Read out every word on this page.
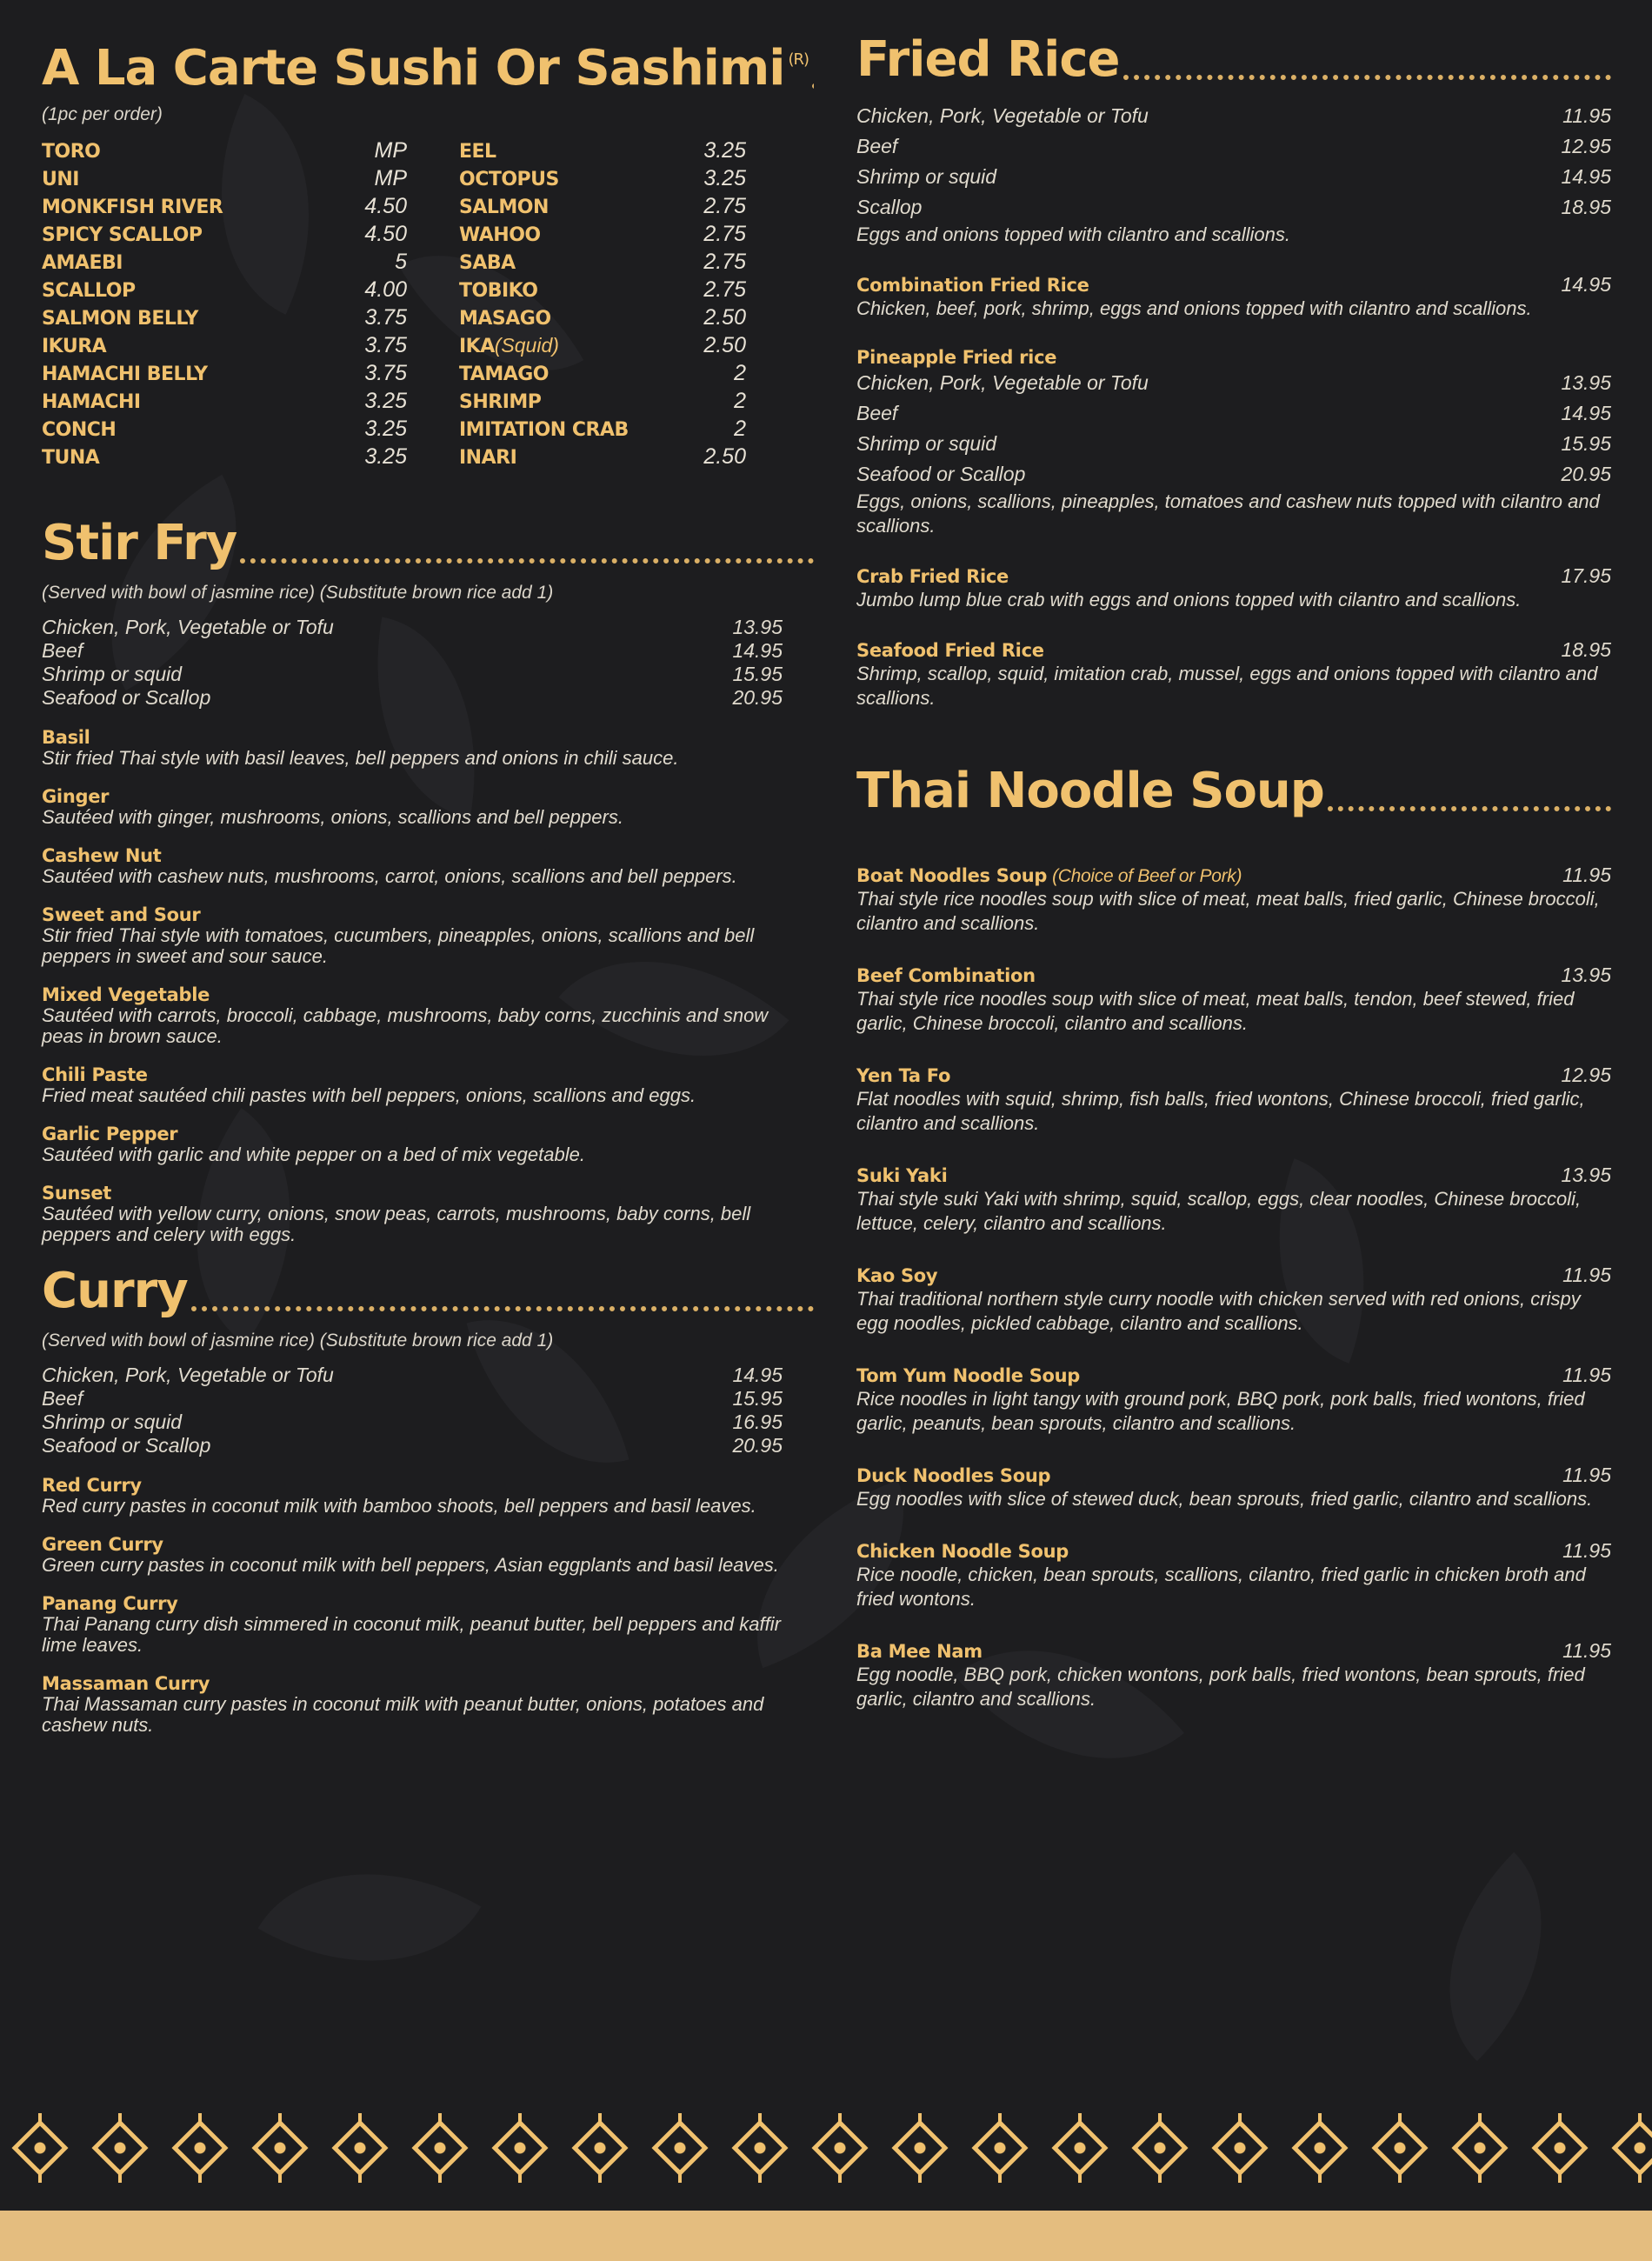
A La Carte Sushi Or Sashimi (R)
(1pc per order)
TORO	MP
UNI	MP
MONKFISH RIVER	4.50
SPICY SCALLOP	4.50
AMAEBI	5
SCALLOP	4.00
SALMON BELLY	3.75
IKURA	3.75
HAMACHI BELLY	3.75
HAMACHI	3.25
CONCH	3.25
TUNA	3.25
EEL	3.25
OCTOPUS	3.25
SALMON	2.75
WAHOO	2.75
SABA	2.75
TOBIKO	2.75
MASAGO	2.50
IKA(Squid)	2.50
TAMAGO	2
SHRIMP	2
IMITATION CRAB	2
INARI	2.50
Stir Fry
(Served with bowl of jasmine rice) (Substitute brown rice add 1)
Chicken, Pork, Vegetable or Tofu	13.95
Beef	14.95
Shrimp or squid	15.95
Seafood or Scallop	20.95
Basil
Stir fried Thai style with basil leaves, bell peppers and onions in chili sauce.
Ginger
Sautéed with ginger, mushrooms, onions, scallions and bell peppers.
Cashew Nut
Sautéed with cashew nuts, mushrooms, carrot, onions, scallions and bell peppers.
Sweet and Sour
Stir fried Thai style with tomatoes, cucumbers, pineapples, onions, scallions and bell peppers in sweet and sour sauce.
Mixed Vegetable
Sautéed with carrots, broccoli, cabbage, mushrooms, baby corns, zucchinis and snow peas in brown sauce.
Chili Paste
Fried meat sautéed chili pastes with bell peppers, onions, scallions and eggs.
Garlic Pepper
Sautéed with garlic and white pepper on a bed of mix vegetable.
Sunset
Sautéed with yellow curry, onions, snow peas, carrots, mushrooms, baby corns, bell peppers and celery with eggs.
Curry
(Served with bowl of jasmine rice) (Substitute brown rice add 1)
Chicken, Pork, Vegetable or Tofu	14.95
Beef	15.95
Shrimp or squid	16.95
Seafood or Scallop	20.95
Red Curry
Red curry pastes in coconut milk with bamboo shoots, bell peppers and basil leaves.
Green Curry
Green curry pastes in coconut milk with bell peppers, Asian eggplants and basil leaves.
Panang Curry
Thai Panang curry dish simmered in coconut milk, peanut butter, bell peppers and kaffir lime leaves.
Massaman Curry
Thai Massaman curry pastes in coconut milk with peanut butter, onions, potatoes and cashew nuts.
Fried Rice
Chicken, Pork, Vegetable or Tofu	11.95
Beef	12.95
Shrimp or squid	14.95
Scallop	18.95
Eggs and onions topped with cilantro and scallions.
Combination Fried Rice	14.95
Chicken, beef, pork, shrimp, eggs and onions topped with cilantro and scallions.
Pineapple Fried rice
Chicken, Pork, Vegetable or Tofu	13.95
Beef	14.95
Shrimp or squid	15.95
Seafood or Scallop	20.95
Eggs, onions, scallions, pineapples, tomatoes and cashew nuts topped with cilantro and scallions.
Crab Fried Rice	17.95
Jumbo lump blue crab with eggs and onions topped with cilantro and scallions.
Seafood Fried Rice	18.95
Shrimp, scallop, squid, imitation crab, mussel, eggs and onions topped with cilantro and scallions.
Thai Noodle Soup
Boat Noodles Soup (Choice of Beef or Pork)	11.95
Thai style rice noodles soup with slice of meat, meat balls, fried garlic, Chinese broccoli, cilantro and scallions.
Beef Combination	13.95
Thai style rice noodles soup with slice of meat, meat balls, tendon, beef stewed, fried garlic, Chinese broccoli, cilantro and scallions.
Yen Ta Fo	12.95
Flat noodles with squid, shrimp, fish balls, fried wontons, Chinese broccoli, fried garlic, cilantro and scallions.
Suki Yaki	13.95
Thai style suki Yaki with shrimp, squid, scallop, eggs, clear noodles, Chinese broccoli, lettuce, celery, cilantro and scallions.
Kao Soy	11.95
Thai traditional northern style curry noodle with chicken served with red onions, crispy egg noodles, pickled cabbage, cilantro and scallions.
Tom Yum Noodle Soup	11.95
Rice noodles in light tangy with ground pork, BBQ pork, pork balls, fried wontons, fried garlic, peanuts, bean sprouts, cilantro and scallions.
Duck Noodles Soup	11.95
Egg noodles with slice of stewed duck, bean sprouts, fried garlic, cilantro and scallions.
Chicken Noodle Soup	11.95
Rice noodle, chicken, bean sprouts, scallions, cilantro, fried garlic in chicken broth and fried wontons.
Ba Mee Nam	11.95
Egg noodle, BBQ pork, chicken wontons, pork balls, fried wontons, bean sprouts, fried garlic, cilantro and scallions.
